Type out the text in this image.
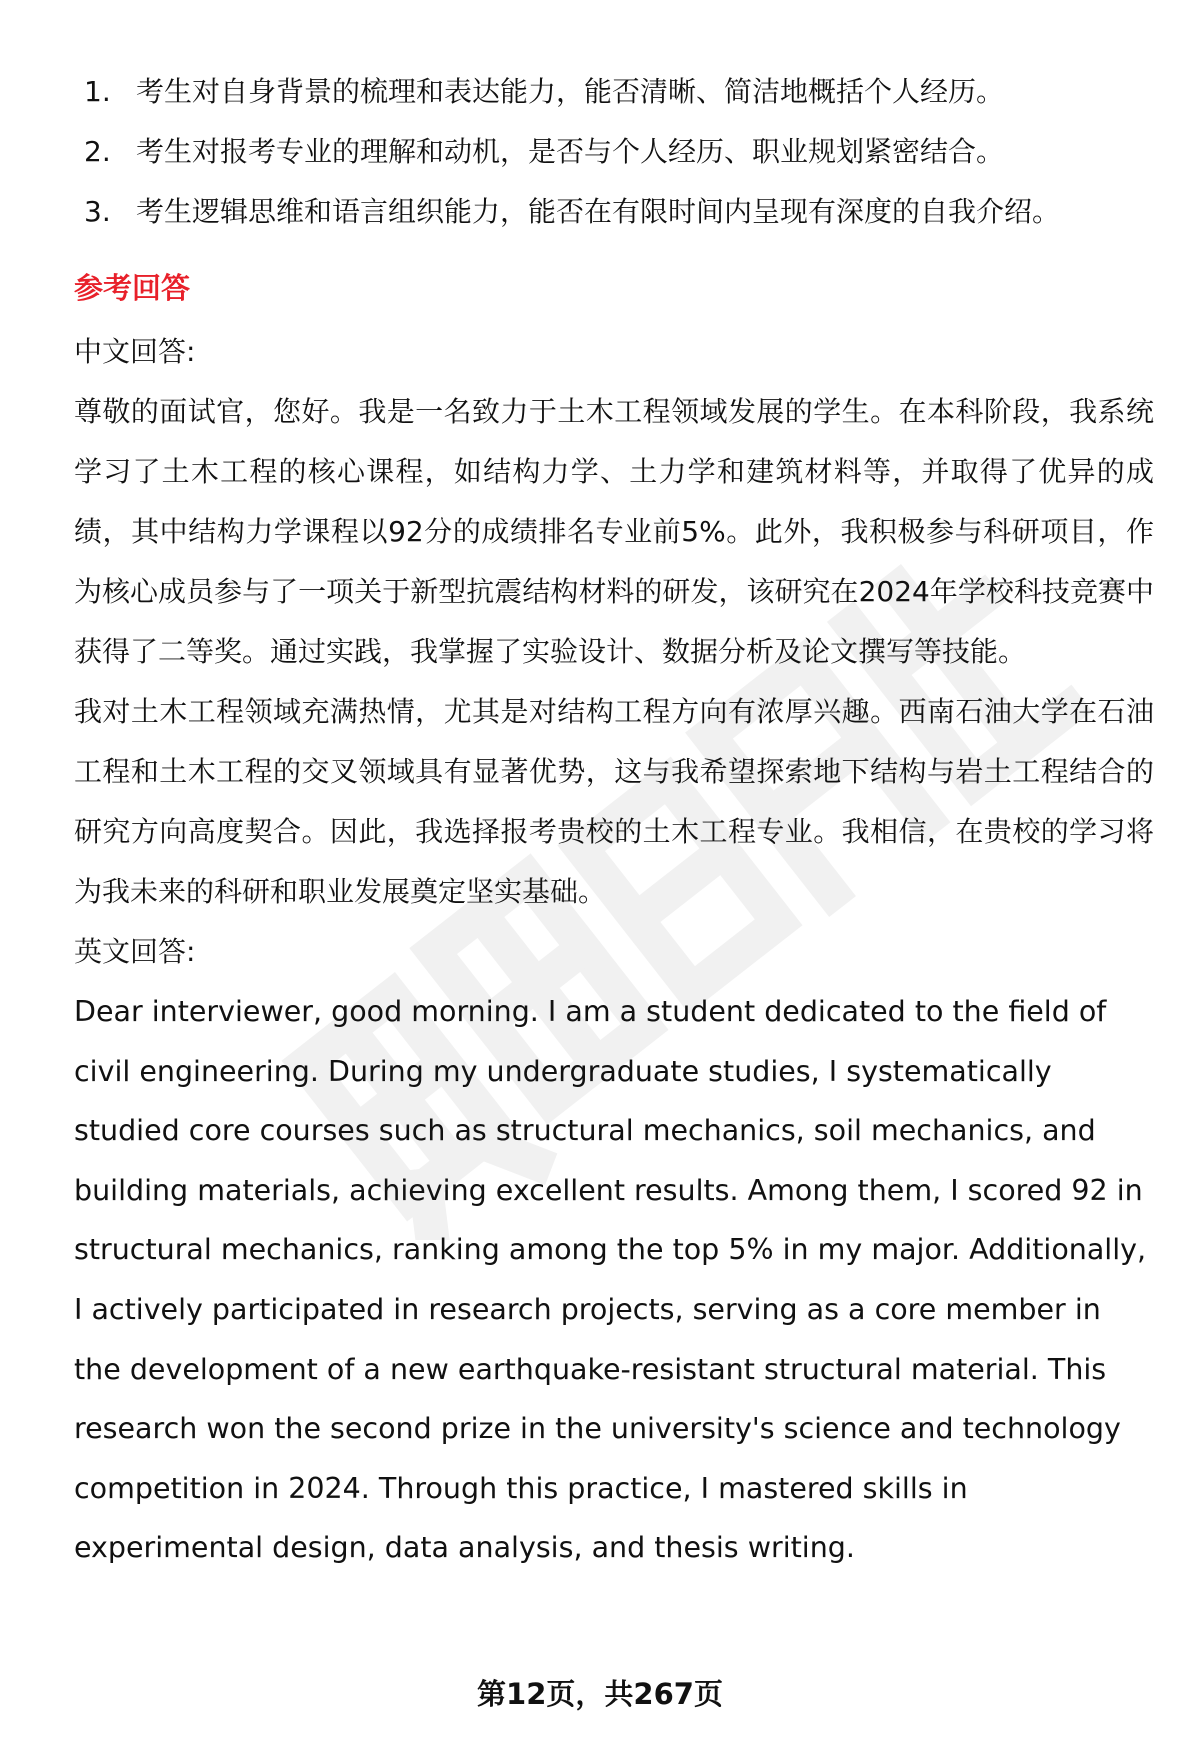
1. 考生对自身背景的梳理和表达能力，能否清晰、简洁地概括个人经历。
2. 考生对报考专业的理解和动机，是否与个人经历、职业规划紧密结合。
3. 考生逻辑思维和语言组织能力，能否在有限时间内呈现有深度的自我介绍。
参考回答
中文回答:

尊敬的面试官，您好。我是一名致力于土木工程领域发展的学生。在本科阶段，我系统学习了土木工程的核心课程，如结构力学、土力学和建筑材料等，并取得了优异的成绩，其中结构力学课程以92分的成绩排名专业前5%。此外，我积极参与科研项目，作为核心成员参与了一项关于新型抗震结构材料的研发，该研究在2024年学校科技竞赛中获得了二等奖。通过实践，我掌握了实验设计、数据分析及论文撰写等技能。

我对土木工程领域充满热情，尤其是对结构工程方向有浓厚兴趣。西南石油大学在石油工程和土木工程的交叉领域具有显著优势，这与我希望探索地下结构与岩土工程结合的研究方向高度契合。因此，我选择报考贵校的土木工程专业。我相信，在贵校的学习将为我未来的科研和职业发展奠定坚实基础。

英文回答:

Dear interviewer, good morning. I am a student dedicated to the field of civil engineering. During my undergraduate studies, I systematically studied core courses such as structural mechanics, soil mechanics, and building materials, achieving excellent results. Among them, I scored 92 in structural mechanics, ranking among the top 5% in my major. Additionally, I actively participated in research projects, serving as a core member in the development of a new earthquake-resistant structural material. This research won the second prize in the university's science and technology competition in 2024. Through this practice, I mastered skills in experimental design, data analysis, and thesis writing.

第12页，共267页
